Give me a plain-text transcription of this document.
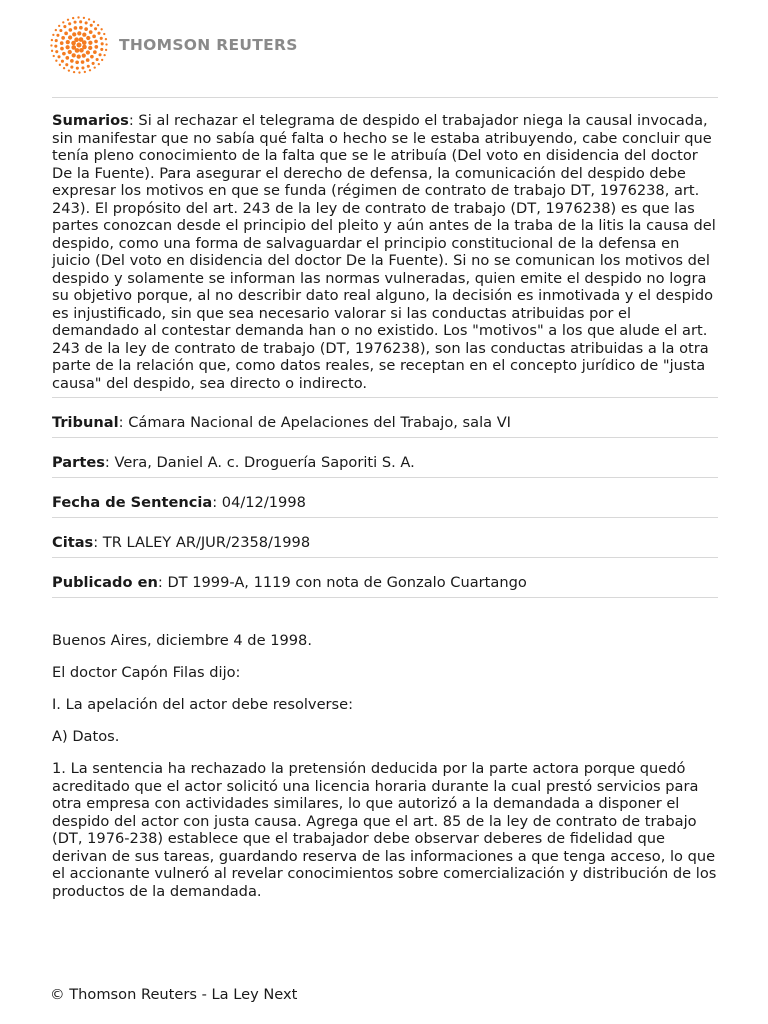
THOMSON REUTERS
Sumarios: Si al rechazar el telegrama de despido el trabajador niega la causal invocada, sin manifestar que no sabía qué falta o hecho se le estaba atribuyendo, cabe concluir que tenía pleno conocimiento de la falta que se le atribuía (Del voto en disidencia del doctor De la Fuente). Para asegurar el derecho de defensa, la comunicación del despido debe expresar los motivos en que se funda (régimen de contrato de trabajo DT, 1976238, art. 243). El propósito del art. 243 de la ley de contrato de trabajo (DT, 1976238) es que las partes conozcan desde el principio del pleito y aún antes de la traba de la litis la causa del despido, como una forma de salvaguardar el principio constitucional de la defensa en juicio (Del voto en disidencia del doctor De la Fuente). Si no se comunican los motivos del despido y solamente se informan las normas vulneradas, quien emite el despido no logra su objetivo porque, al no describir dato real alguno, la decisión es inmotivada y el despido es injustificado, sin que sea necesario valorar si las conductas atribuidas por el demandado al contestar demanda han o no existido. Los "motivos" a los que alude el art. 243 de la ley de contrato de trabajo (DT, 1976238), son las conductas atribuidas a la otra parte de la relación que, como datos reales, se receptan en el concepto jurídico de "justa causa" del despido, sea directo o indirecto.
Tribunal: Cámara Nacional de Apelaciones del Trabajo, sala VI
Partes: Vera, Daniel A. c. Droguería Saporiti S. A.
Fecha de Sentencia: 04/12/1998
Citas: TR LALEY AR/JUR/2358/1998
Publicado en: DT 1999-A, 1119 con nota de Gonzalo Cuartango

Buenos Aires, diciembre 4 de 1998.

El doctor Capón Filas dijo:

I. La apelación del actor debe resolverse:

A) Datos.

1. La sentencia ha rechazado la pretensión deducida por la parte actora porque quedó acreditado que el actor solicitó una licencia horaria durante la cual prestó servicios para otra empresa con actividades similares, lo que autorizó a la demandada a disponer el despido del actor con justa causa. Agrega que el art. 85 de la ley de contrato de trabajo (DT, 1976-238) establece que el trabajador debe observar deberes de fidelidad que derivan de sus tareas, guardando reserva de las informaciones a que tenga acceso, lo que el accionante vulneró al revelar conocimientos sobre comercialización y distribución de los productos de la demandada.

© Thomson Reuters - La Ley Next
